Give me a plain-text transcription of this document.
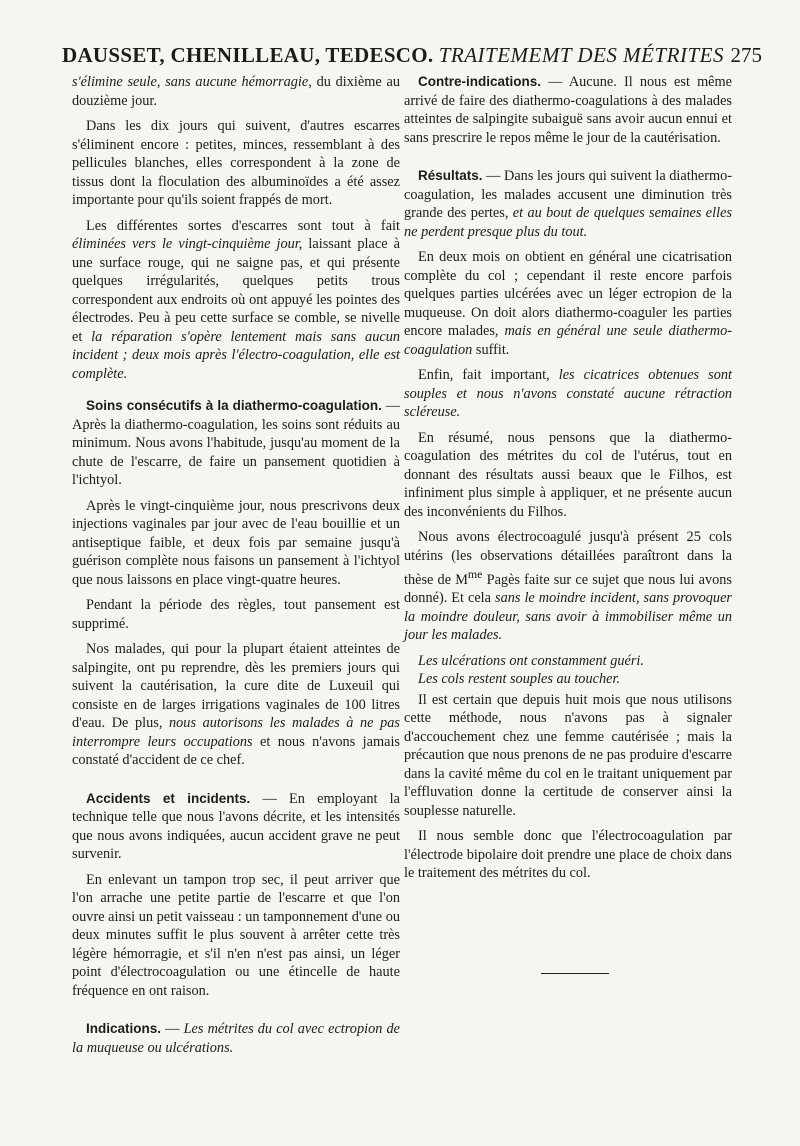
DAUSSET, CHENILLEAU, TEDESCO. TRAITEMEMT DES MÉTRITES 275

s'élimine seule, sans aucune hémorragie, du dixième au douzième jour.

Dans les dix jours qui suivent, d'autres escarres s'éliminent encore : petites, minces, ressemblant à des pellicules blanches, elles correspondent à la zone de tissus dont la floculation des albuminoïdes a été assez importante pour qu'ils soient frappés de mort.

Les différentes sortes d'escarres sont tout à fait éliminées vers le vingt-cinquième jour, laissant place à une surface rouge, qui ne saigne pas, et qui présente quelques irrégularités, quelques petits trous correspondent aux endroits où ont appuyé les pointes des électrodes. Peu à peu cette surface se comble, se nivelle et la réparation s'opère lentement mais sans aucun incident ; deux mois après l'électro-coagulation, elle est complète.

Soins consécutifs à la diathermo-coagulation. — Après la diathermo-coagulation, les soins sont réduits au minimum. Nous avons l'habitude, jusqu'au moment de la chute de l'escarre, de faire un pansement quotidien à l'ichtyol.

Après le vingt-cinquième jour, nous prescrivons deux injections vaginales par jour avec de l'eau bouillie et un antiseptique faible, et deux fois par semaine jusqu'à guérison complète nous faisons un pansement à l'ichtyol que nous laissons en place vingt-quatre heures.

Pendant la période des règles, tout pansement est supprimé.

Nos malades, qui pour la plupart étaient atteintes de salpingite, ont pu reprendre, dès les premiers jours qui suivent la cautérisation, la cure dite de Luxeuil qui consiste en de larges irrigations vaginales de 100 litres d'eau. De plus, nous autorisons les malades à ne pas interrompre leurs occupations et nous n'avons jamais constaté d'accident de ce chef.

Accidents et incidents. — En employant la technique telle que nous l'avons décrite, et les intensités que nous avons indiquées, aucun accident grave ne peut survenir.

En enlevant un tampon trop sec, il peut arriver que l'on arrache une petite partie de l'escarre et que l'on ouvre ainsi un petit vaisseau : un tamponnement d'une ou deux minutes suffit le plus souvent à arrêter cette très légère hémorragie, et s'il n'en n'est pas ainsi, un léger point d'électrocoagulation ou une étincelle de haute fréquence en ont raison.

Indications. — Les métrites du col avec ectropion de la muqueuse ou ulcérations.

Contre-indications. — Aucune. Il nous est même arrivé de faire des diathermo-coagulations à des malades atteintes de salpingite subaiguë sans avoir aucun ennui et sans prescrire le repos même le jour de la cautérisation.

Résultats. — Dans les jours qui suivent la diathermo-coagulation, les malades accusent une diminution très grande des pertes, et au bout de quelques semaines elles ne perdent presque plus du tout.

En deux mois on obtient en général une cicatrisation complète du col ; cependant il reste encore parfois quelques parties ulcérées avec un léger ectropion de la muqueuse. On doit alors diathermo-coaguler les parties encore malades, mais en général une seule diathermo-coagulation suffit.

Enfin, fait important, les cicatrices obtenues sont souples et nous n'avons constaté aucune rétraction scléreuse.

En résumé, nous pensons que la diathermo-coagulation des métrites du col de l'utérus, tout en donnant des résultats aussi beaux que le Filhos, est infiniment plus simple à appliquer, et ne présente aucun des inconvénients du Filhos.

Nous avons électrocoagulé jusqu'à présent 25 cols utérins (les observations détaillées paraîtront dans la thèse de $M^{me}$ Pagès faite sur ce sujet que nous lui avons donné). Et cela sans le moindre incident, sans provoquer la moindre douleur, sans avoir à immobiliser même un jour les malades.

Les ulcérations ont constamment guéri.

Les cols restent souples au toucher.

Il est certain que depuis huit mois que nous utilisons cette méthode, nous n'avons pas à signaler d'accouchement chez une femme cautérisée ; mais la précaution que nous prenons de ne pas produire d'escarre dans la cavité même du col en le traitant uniquement par l'effluvation donne la certitude de conserver ainsi la souplesse naturelle.

Il nous semble donc que l'électrocoagulation par l'électrode bipolaire doit prendre une place de choix dans le traitement des métrites du col.
